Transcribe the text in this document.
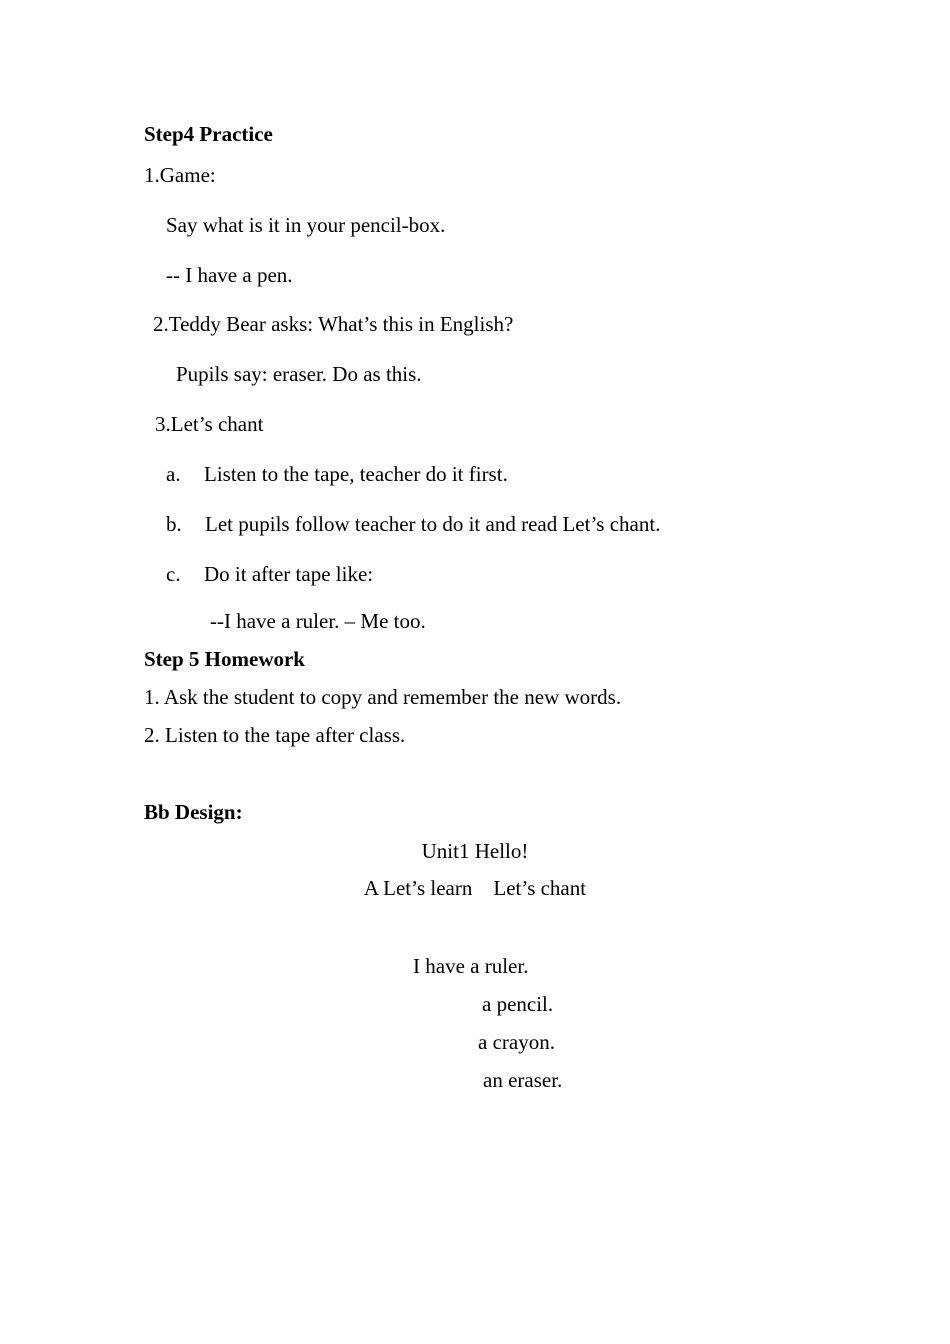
Step4 Practice
1.Game:
Say what is it in your pencil-box.
-- I have a pen.
2.Teddy Bear asks: What’s this in English?
Pupils say: eraser. Do as this.
3.Let’s chant
a. Listen to the tape, teacher do it first.
b. Let pupils follow teacher to do it and read Let’s chant.
c. Do it after tape like:
--I have a ruler. – Me too.
Step 5 Homework
1. Ask the student to copy and remember the new words.
2. Listen to the tape after class.
Bb Design:
Unit1 Hello!
A Let’s learn    Let’s chant
I have a ruler.
a pencil.
a crayon.
an eraser.
